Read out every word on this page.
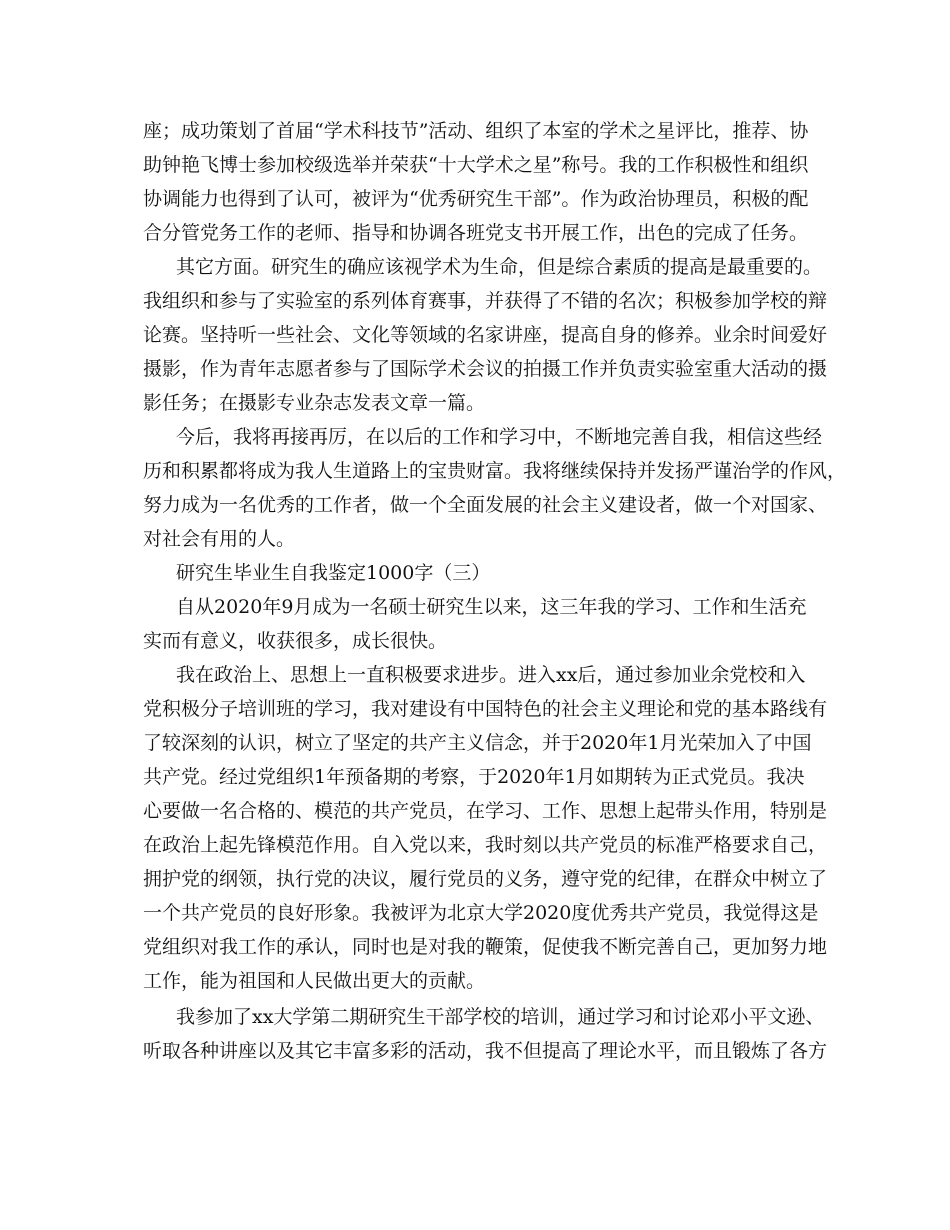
座；成功策划了首届“学术科技节”活动、组织了本室的学术之星评比，推荐、协
助钟艳飞博士参加校级选举并荣获“十大学术之星”称号。我的工作积极性和组织
协调能力也得到了认可，被评为“优秀研究生干部”。作为政治协理员，积极的配
合分管党务工作的老师、指导和协调各班党支书开展工作，出色的完成了任务。
其它方面。研究生的确应该视学术为生命，但是综合素质的提高是最重要的。
我组织和参与了实验室的系列体育赛事，并获得了不错的名次；积极参加学校的辩
论赛。坚持听一些社会、文化等领域的名家讲座，提高自身的修养。业余时间爱好
摄影，作为青年志愿者参与了国际学术会议的拍摄工作并负责实验室重大活动的摄
影任务；在摄影专业杂志发表文章一篇。
今后，我将再接再厉，在以后的工作和学习中，不断地完善自我，相信这些经
历和积累都将成为我人生道路上的宝贵财富。我将继续保持并发扬严谨治学的作风，
努力成为一名优秀的工作者，做一个全面发展的社会主义建设者，做一个对国家、
对社会有用的人。
研究生毕业生自我鉴定1000字（三）
自从2020年9月成为一名硕士研究生以来，这三年我的学习、工作和生活充
实而有意义，收获很多，成长很快。
我在政治上、思想上一直积极要求进步。进入xx后，通过参加业余党校和入
党积极分子培训班的学习，我对建设有中国特色的社会主义理论和党的基本路线有
了较深刻的认识，树立了坚定的共产主义信念，并于2020年1月光荣加入了中国
共产党。经过党组织1年预备期的考察，于2020年1月如期转为正式党员。我决
心要做一名合格的、模范的共产党员，在学习、工作、思想上起带头作用，特别是
在政治上起先锋模范作用。自入党以来，我时刻以共产党员的标准严格要求自己，
拥护党的纲领，执行党的决议，履行党员的义务，遵守党的纪律，在群众中树立了
一个共产党员的良好形象。我被评为北京大学2020度优秀共产党员，我觉得这是
党组织对我工作的承认，同时也是对我的鞭策，促使我不断完善自己，更加努力地
工作，能为祖国和人民做出更大的贡献。
我参加了xx大学第二期研究生干部学校的培训，通过学习和讨论邓小平文逊、
听取各种讲座以及其它丰富多彩的活动，我不但提高了理论水平，而且锻炼了各方
